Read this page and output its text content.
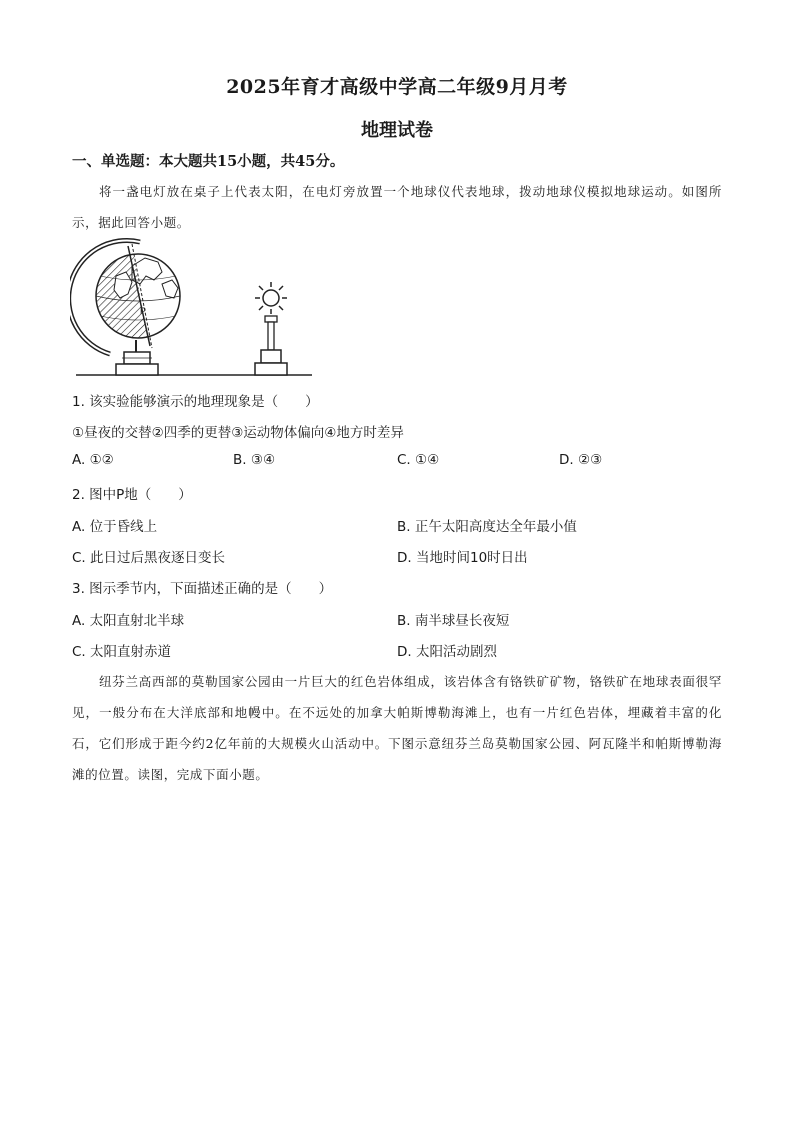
2025年育才高级中学高二年级9月月考
地理试卷
一、单选题：本大题共15小题，共45分。
将一盏电灯放在桌子上代表太阳，在电灯旁放置一个地球仪代表地球，拨动地球仪模拟地球运动。如图所示，据此回答小题。
P
1. 该实验能够演示的地理现象是（　　）
①昼夜的交替②四季的更替③运动物体偏向④地方时差异
A. ①②	B. ③④	C. ①④	D. ②③
2. 图中P地（　　）
A. 位于昏线上	B. 正午太阳高度达全年最小值
C. 此日过后黑夜逐日变长	D. 当地时间10时日出
3. 图示季节内，下面描述正确的是（　　）
A. 太阳直射北半球	B. 南半球昼长夜短
C. 太阳直射赤道	D. 太阳活动剧烈
纽芬兰高西部的莫勒国家公园由一片巨大的红色岩体组成，该岩体含有铬铁矿矿物，铬铁矿在地球表面很罕见，一般分布在大洋底部和地幔中。在不远处的加拿大帕斯博勒海滩上，也有一片红色岩体，埋藏着丰富的化石，它们形成于距今约2亿年前的大规模火山活动中。下图示意纽芬兰岛莫勒国家公园、阿瓦隆半和帕斯博勒海滩的位置。读图，完成下面小题。
